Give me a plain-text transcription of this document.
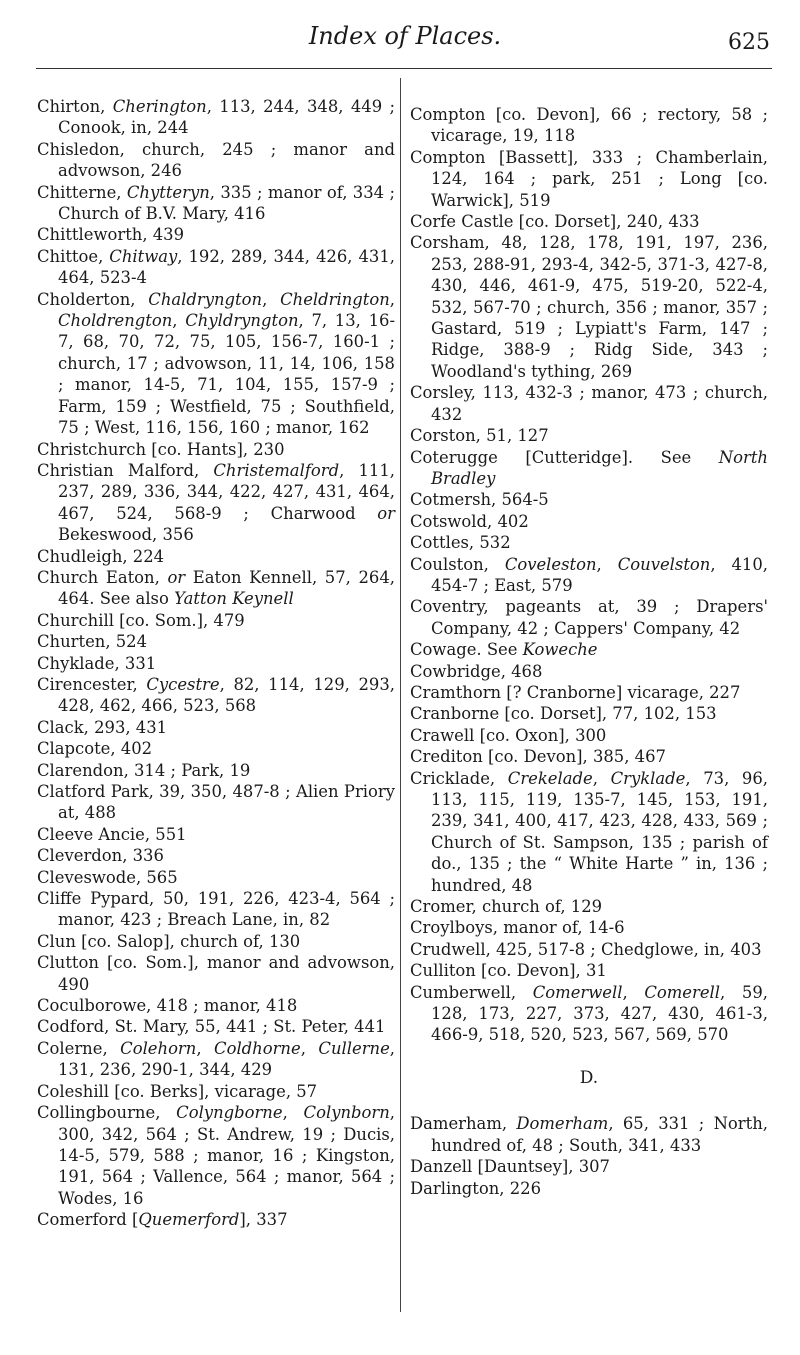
Index of Places.	625
Chirton, Cherington, 113, 244, 348, 449 ; Conook, in, 244
Chisledon, church, 245 ; manor and advowson, 246
Chitterne, Chytteryn, 335 ; manor of, 334 ; Church of B.V. Mary, 416
Chittleworth, 439
Chittoe, Chitway, 192, 289, 344, 426, 431, 464, 523-4
Cholderton, Chaldryngton, Cheldrington, Choldrengton, Chyldryngton, 7, 13, 16-7, 68, 70, 72, 75, 105, 156-7, 160-1 ; church, 17 ; advowson, 11, 14, 106, 158 ; manor, 14-5, 71, 104, 155, 157-9 ; Farm, 159 ; Westfield, 75 ; Southfield, 75 ; West, 116, 156, 160 ; manor, 162
Christchurch [co. Hants], 230
Christian Malford, Christemalford, 111, 237, 289, 336, 344, 422, 427, 431, 464, 467, 524, 568-9 ; Charwood or Bekeswood, 356
Chudleigh, 224
Church Eaton, or Eaton Kennell, 57, 264, 464. See also Yatton Keynell
Churchill [co. Som.], 479
Churten, 524
Chyklade, 331
Cirencester, Cycestre, 82, 114, 129, 293, 428, 462, 466, 523, 568
Clack, 293, 431
Clapcote, 402
Clarendon, 314 ; Park, 19
Clatford Park, 39, 350, 487-8 ; Alien Priory at, 488
Cleeve Ancie, 551
Cleverdon, 336
Cleveswode, 565
Cliffe Pypard, 50, 191, 226, 423-4, 564 ; manor, 423 ; Breach Lane, in, 82
Clun [co. Salop], church of, 130
Clutton [co. Som.], manor and advowson, 490
Coculborowe, 418 ; manor, 418
Codford, St. Mary, 55, 441 ; St. Peter, 441
Colerne, Colehorn, Coldhorne, Cullerne, 131, 236, 290-1, 344, 429
Coleshill [co. Berks], vicarage, 57
Collingbourne, Colyngborne, Colynborn, 300, 342, 564 ; St. Andrew, 19 ; Ducis, 14-5, 579, 588 ; manor, 16 ; Kingston, 191, 564 ; Vallence, 564 ; manor, 564 ; Wodes, 16
Comerford [Quemerford], 337
Compton [co. Devon], 66 ; rectory, 58 ; vicarage, 19, 118
Compton [Bassett], 333 ; Chamberlain, 124, 164 ; park, 251 ; Long [co. Warwick], 519
Corfe Castle [co. Dorset], 240, 433
Corsham, 48, 128, 178, 191, 197, 236, 253, 288-91, 293-4, 342-5, 371-3, 427-8, 430, 446, 461-9, 475, 519-20, 522-4, 532, 567-70 ; church, 356 ; manor, 357 ; Gastard, 519 ; Lypiatt's Farm, 147 ; Ridge, 388-9 ; Ridg Side, 343 ; Woodland's tything, 269
Corsley, 113, 432-3 ; manor, 473 ; church, 432
Corston, 51, 127
Coterugge [Cutteridge]. See North Bradley
Cotmersh, 564-5
Cotswold, 402
Cottles, 532
Coulston, Coveleston, Couvelston, 410, 454-7 ; East, 579
Coventry, pageants at, 39 ; Drapers' Company, 42 ; Cappers' Company, 42
Cowage. See Koweche
Cowbridge, 468
Cramthorn [? Cranborne] vicarage, 227
Cranborne [co. Dorset], 77, 102, 153
Crawell [co. Oxon], 300
Crediton [co. Devon], 385, 467
Cricklade, Crekelade, Cryklade, 73, 96, 113, 115, 119, 135-7, 145, 153, 191, 239, 341, 400, 417, 423, 428, 433, 569 ; Church of St. Sampson, 135 ; parish of do., 135 ; the “ White Harte ” in, 136 ; hundred, 48
Cromer, church of, 129
Croylboys, manor of, 14-6
Crudwell, 425, 517-8 ; Chedglowe, in, 403
Culliton [co. Devon], 31
Cumberwell, Comerwell, Comerell, 59, 128, 173, 227, 373, 427, 430, 461-3, 466-9, 518, 520, 523, 567, 569, 570
D.
Damerham, Domerham, 65, 331 ; North, hundred of, 48 ; South, 341, 433
Danzell [Dauntsey], 307
Darlington, 226
